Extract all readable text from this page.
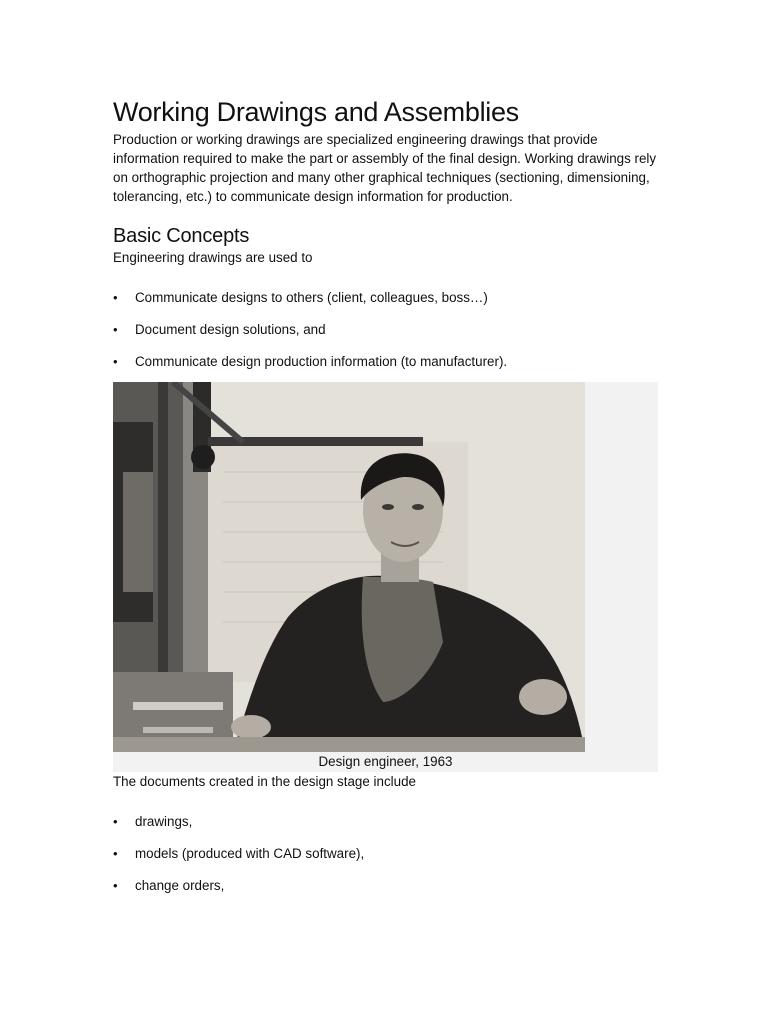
Working Drawings and Assemblies

Production or working drawings are specialized engineering drawings that provide information required to make the part or assembly of the final design. Working drawings rely on orthographic projection and many other graphical techniques (sectioning, dimensioning, tolerancing, etc.) to communicate design information for production.

Basic Concepts

Engineering drawings are used to

• Communicate designs to others (client, colleagues, boss…)
• Document design solutions, and
• Communicate design production information (to manufacturer).
Design engineer, 1963

The documents created in the design stage include

• drawings,
• models (produced with CAD software),
• change orders,
